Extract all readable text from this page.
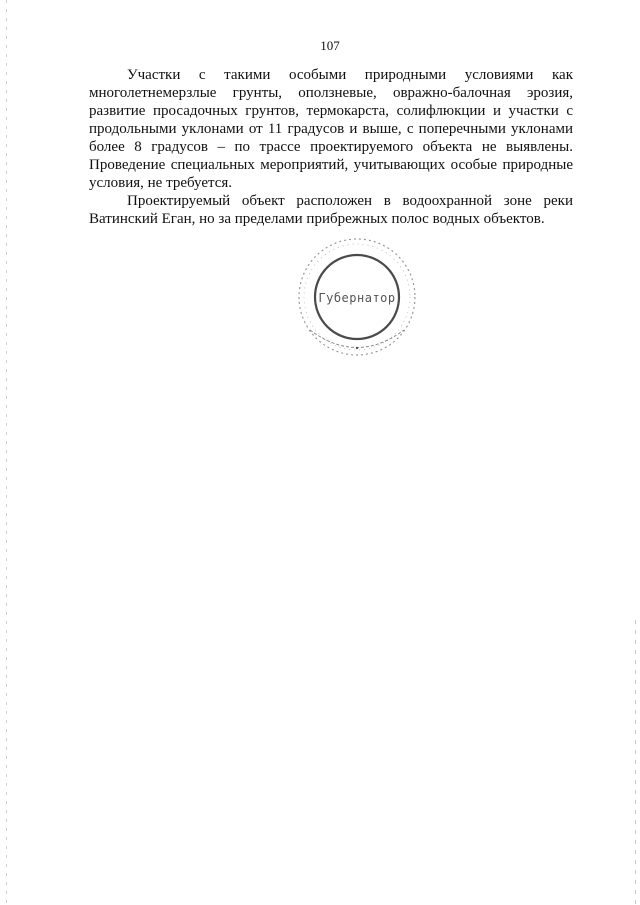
107

Участки с такими особыми природными условиями как многолетнемерзлые грунты, оползневые, овражно-балочная эрозия, развитие просадочных грунтов, термокарста, солифлюкции и участки с продольными уклонами от 11 градусов и выше, с поперечными уклонами более 8 градусов – по трассе проектируемого объекта не выявлены. Проведение специальных мероприятий, учитывающих особые природные условия, не требуется.

Проектируемый объект расположен в водоохранной зоне реки Ватинский Еган, но за пределами прибрежных полос водных объектов.

Губернатор
